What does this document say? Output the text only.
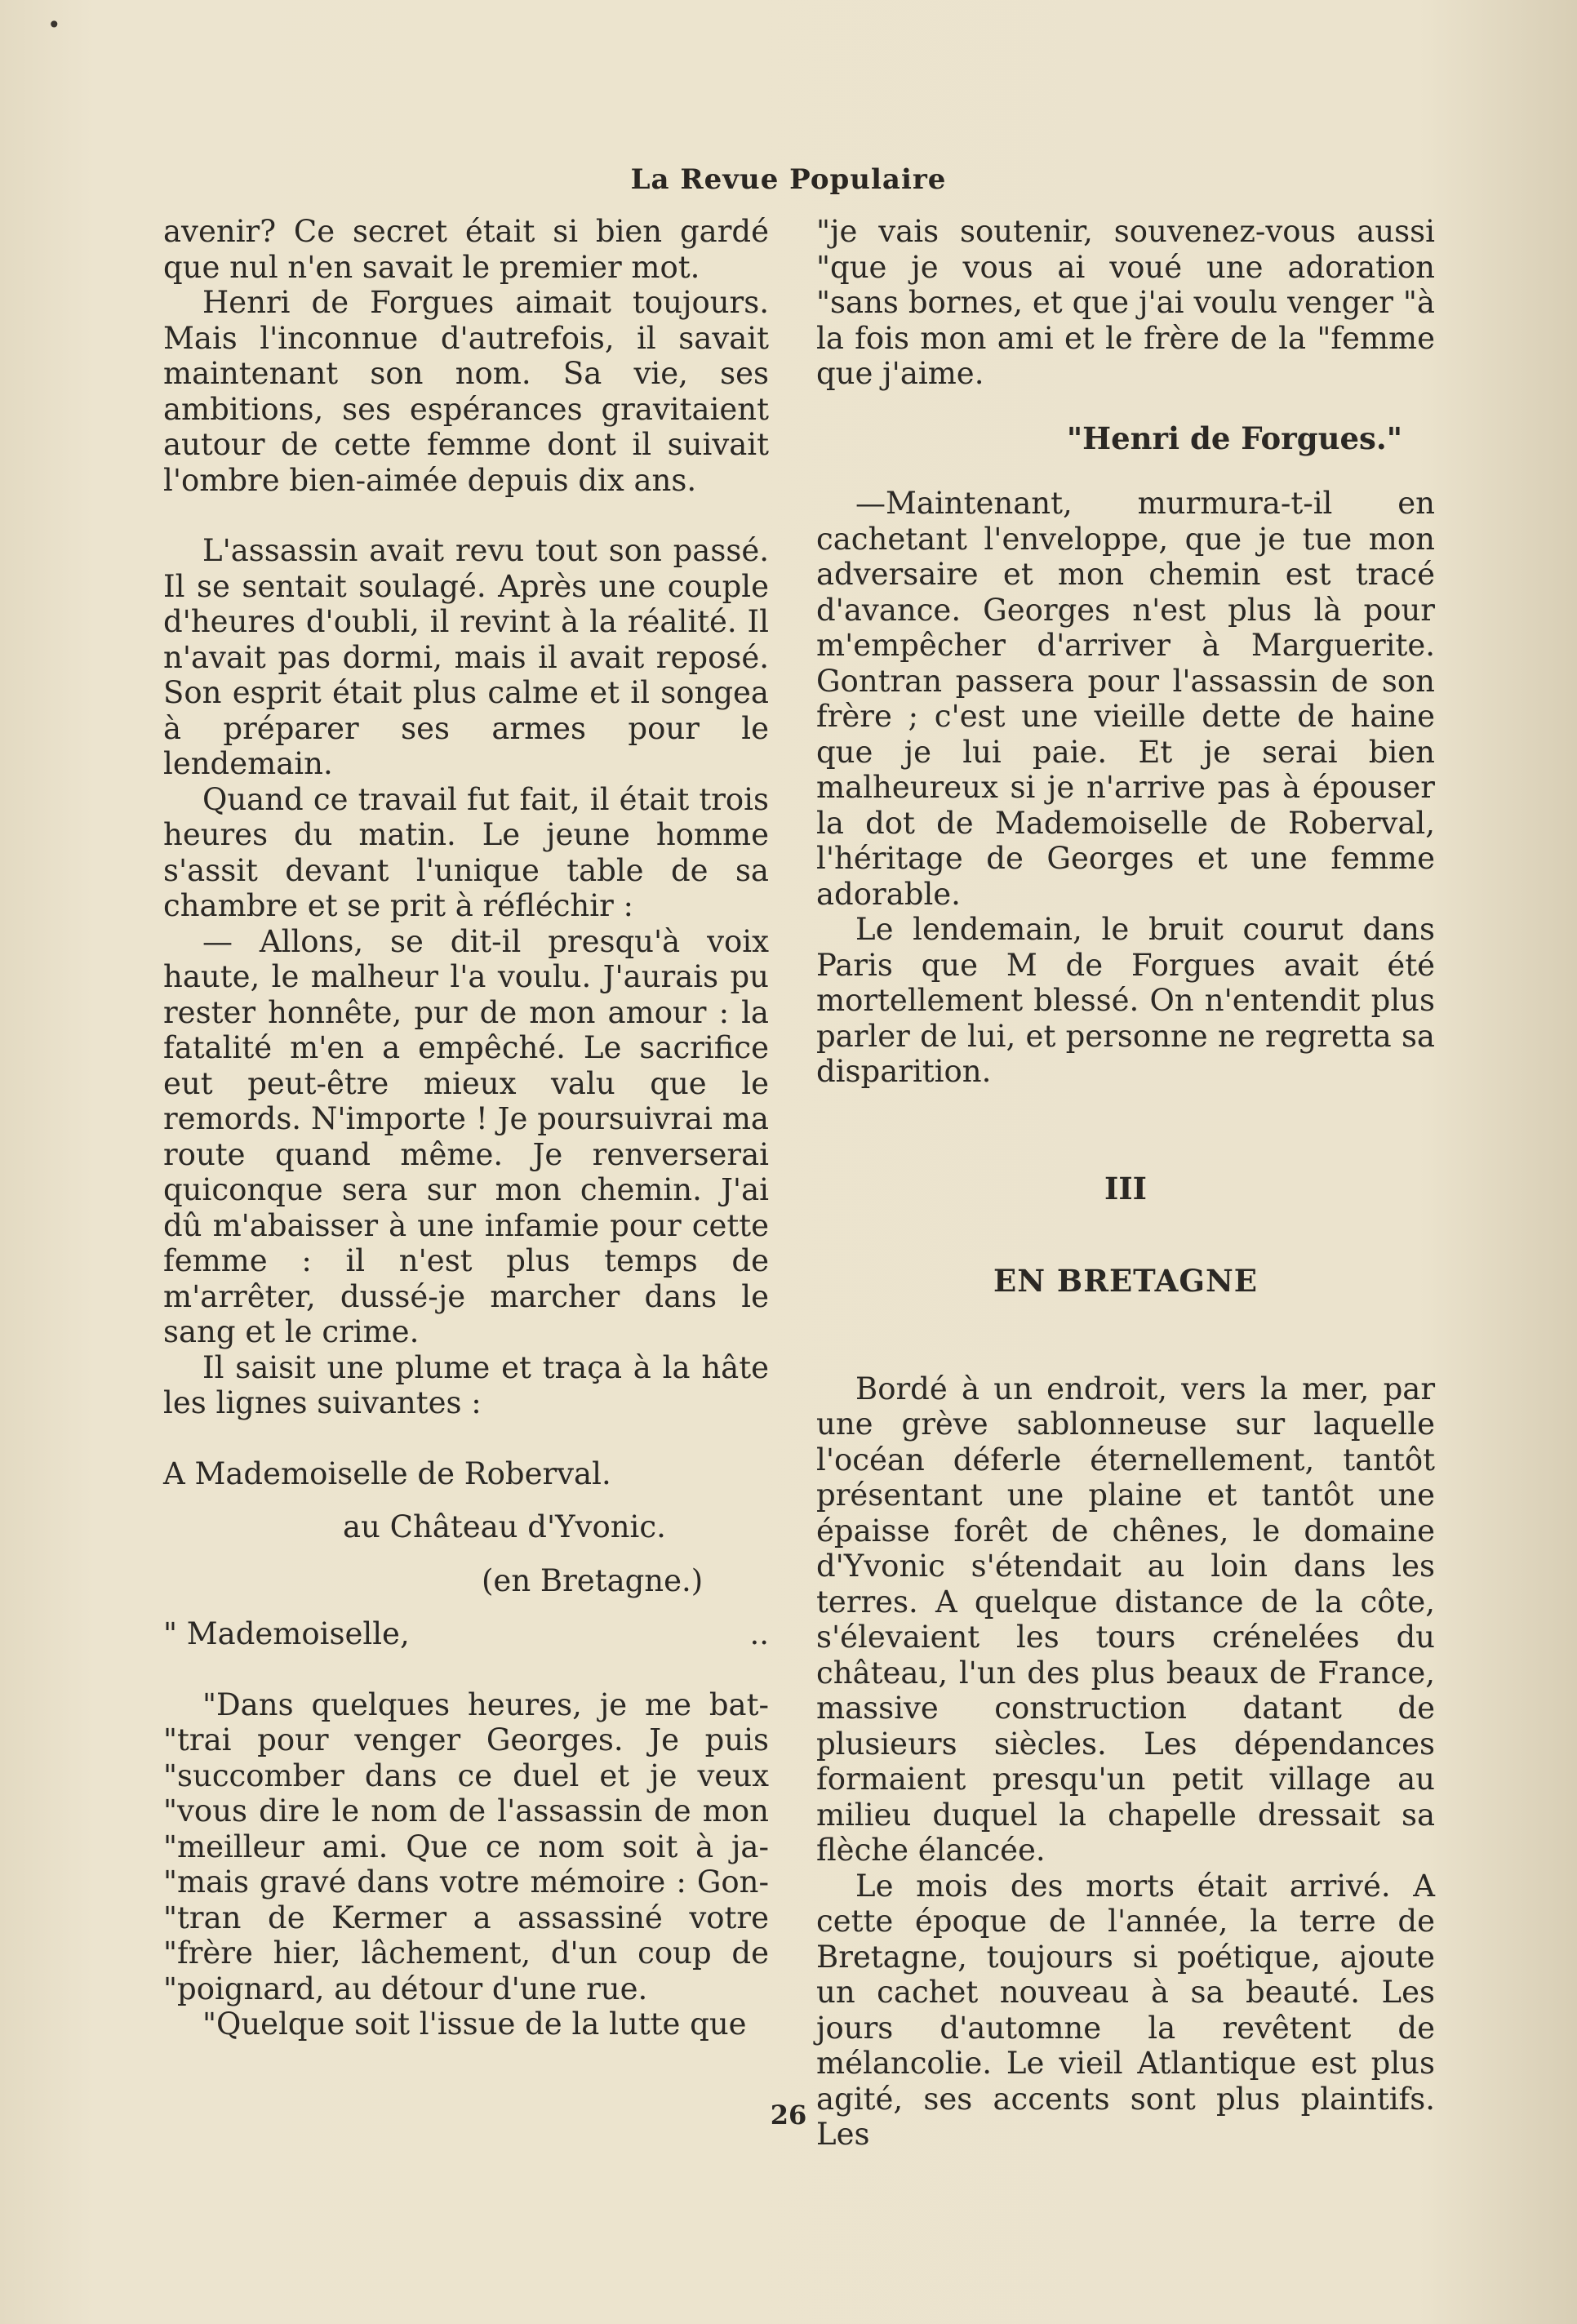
•
La Revue Populaire

avenir? Ce secret était si bien gardé que nul n'en savait le premier mot.

Henri de Forgues aimait toujours. Mais l'inconnue d'autrefois, il savait maintenant son nom. Sa vie, ses ambitions, ses espérances gravitaient autour de cette femme dont il suivait l'ombre bien-aimée depuis dix ans.

L'assassin avait revu tout son passé. Il se sentait soulagé. Après une couple d'heures d'oubli, il revint à la réalité. Il n'avait pas dormi, mais il avait reposé. Son esprit était plus calme et il songea à préparer ses armes pour le lendemain.

Quand ce travail fut fait, il était trois heures du matin. Le jeune homme s'assit devant l'unique table de sa chambre et se prit à réfléchir :

— Allons, se dit-il presqu'à voix haute, le malheur l'a voulu. J'aurais pu rester honnête, pur de mon amour : la fatalité m'en a empêché. Le sacrifice eut peut-être mieux valu que le remords. N'importe ! Je poursuivrai ma route quand même. Je renverserai quiconque sera sur mon chemin. J'ai dû m'abaisser à une infamie pour cette femme : il n'est plus temps de m'arrêter, dussé-je marcher dans le sang et le crime.

Il saisit une plume et traça à la hâte les lignes suivantes :

A Mademoiselle de Roberval.

au Château d'Yvonic.

(en Bretagne.)

" Mademoiselle,	..

"Dans quelques heures, je me bat-"trai pour venger Georges. Je puis "succomber dans ce duel et je veux "vous dire le nom de l'assassin de mon "meilleur ami. Que ce nom soit à ja-"mais gravé dans votre mémoire : Gon-"tran de Kermer a assassiné votre "frère hier, lâchement, d'un coup de "poignard, au détour d'une rue.

"Quelque soit l'issue de la lutte que

"je vais soutenir, souvenez-vous aussi "que je vous ai voué une adoration "sans bornes, et que j'ai voulu venger "à la fois mon ami et le frère de la "femme que j'aime.

"Henri de Forgues."

—Maintenant, murmura-t-il en cachetant l'enveloppe, que je tue mon adversaire et mon chemin est tracé d'avance. Georges n'est plus là pour m'empêcher d'arriver à Marguerite. Gontran passera pour l'assassin de son frère ; c'est une vieille dette de haine que je lui paie. Et je serai bien malheureux si je n'arrive pas à épouser la dot de Mademoiselle de Roberval, l'héritage de Georges et une femme adorable.

Le lendemain, le bruit courut dans Paris que M de Forgues avait été mortellement blessé. On n'entendit plus parler de lui, et personne ne regretta sa disparition.

III

EN BRETAGNE

Bordé à un endroit, vers la mer, par une grève sablonneuse sur laquelle l'océan déferle éternellement, tantôt présentant une plaine et tantôt une épaisse forêt de chênes, le domaine d'Yvonic s'étendait au loin dans les terres. A quelque distance de la côte, s'élevaient les tours crénelées du château, l'un des plus beaux de France, massive construction datant de plusieurs siècles. Les dépendances formaient presqu'un petit village au milieu duquel la chapelle dressait sa flèche élancée.

Le mois des morts était arrivé. A cette époque de l'année, la terre de Bretagne, toujours si poétique, ajoute un cachet nouveau à sa beauté. Les jours d'automne la revêtent de mélancolie. Le vieil Atlantique est plus agité, ses accents sont plus plaintifs. Les

26
